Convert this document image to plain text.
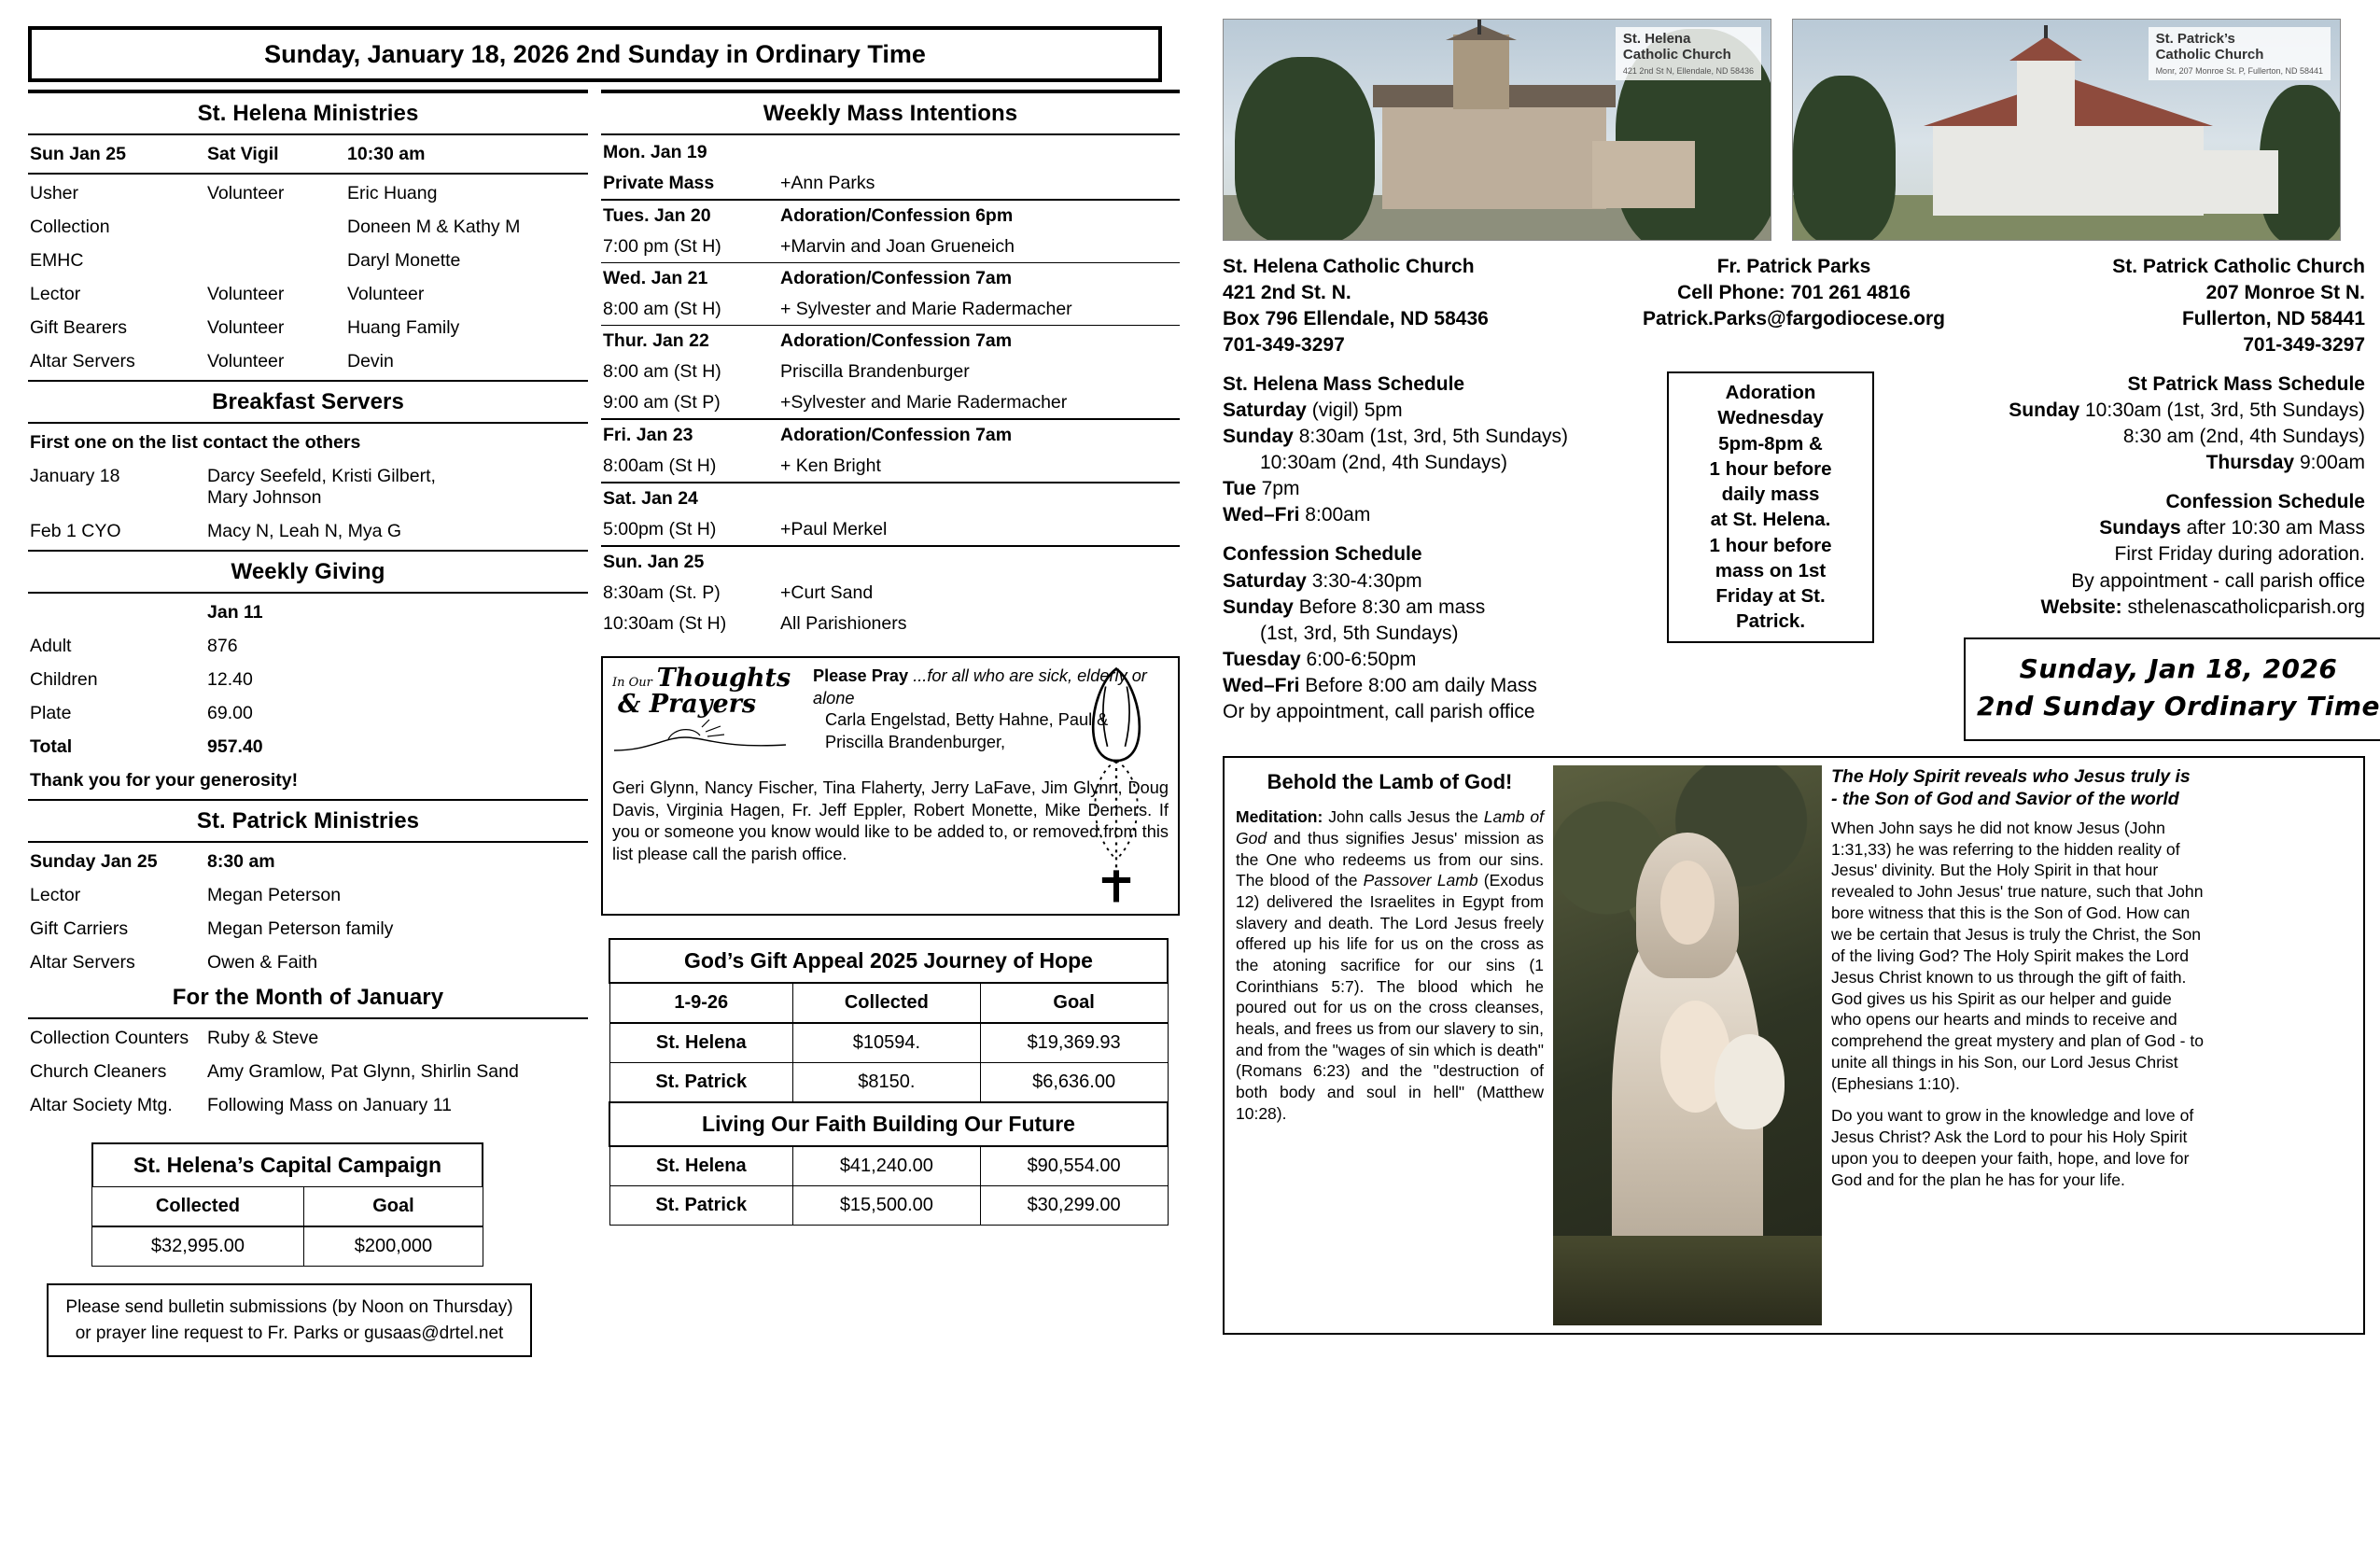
Sunday, January 18, 2026 2nd Sunday in Ordinary Time
St. Helena Ministries
Sun Jan 25	Sat Vigil	10:30 am
Usher	Volunteer	Eric Huang
Collection		Doneen M & Kathy M
EMHC		Daryl Monette
Lector	Volunteer	Volunteer
Gift Bearers	Volunteer	Huang Family
Altar Servers	Volunteer	Devin
Breakfast Servers
First one on the list contact the others	
January 18	Darcy Seefeld, Kristi Gilbert,
Mary Johnson
Feb 1 CYO	Macy N, Leah N, Mya G
Weekly Giving
	Jan 11
Adult	876
Children	12.40
Plate	69.00
Total	957.40
Thank you for your generosity!	
St. Patrick Ministries
Sunday Jan 25	8:30 am
Lector	Megan Peterson
Gift Carriers	Megan Peterson family
Altar Servers	Owen & Faith
For the Month of January
Collection Counters	Ruby & Steve
Church Cleaners	Amy Gramlow, Pat Glynn, Shirlin Sand
Altar Society Mtg.	Following Mass on January 11
St. Helena’s Capital Campaign
Collected	Goal
$32,995.00	$200,000
Please send bulletin submissions (by Noon on Thursday)
or prayer line request to Fr. Parks or gusaas@drtel.net
Weekly Mass Intentions
Mon. Jan 19	
Private Mass	+Ann Parks
Tues. Jan 20	Adoration/Confession 6pm
7:00 pm (St H)	+Marvin and Joan Grueneich
Wed. Jan 21	Adoration/Confession 7am
8:00 am (St H)	+ Sylvester and Marie Radermacher
Thur. Jan 22	Adoration/Confession 7am
8:00 am (St H)	Priscilla Brandenburger
9:00 am (St P)	+Sylvester and Marie Radermacher
Fri. Jan 23	Adoration/Confession 7am
8:00am (St H)	+ Ken Bright
Sat. Jan 24	
5:00pm (St H)	+Paul Merkel
Sun. Jan 25	
8:30am (St. P)	+Curt Sand
10:30am (St H)	All Parishioners
In Our Thoughts
& Prayers
Please Pray ...for all who are sick, elderly or alone
Carla Engelstad, Betty Hahne, Paul & Priscilla Brandenburger,
Geri Glynn, Nancy Fischer, Tina Flaherty, Jerry LaFave, Jim Glynn, Doug Davis, Virginia Hagen, Fr. Jeff Eppler, Robert Monette, Mike Demers. If you or someone you know would like to be added to, or removed from this list please call the parish office.
God’s Gift Appeal 2025 Journey of Hope		
1-9-26	Collected	Goal
St. Helena	$10594.	$19,369.93
St. Patrick	$8150.	$6,636.00
Living Our Faith Building Our Future		
St. Helena	$41,240.00	$90,554.00
St. Patrick	$15,500.00	$30,299.00
St. Helena
Catholic Church
421 2nd St N, Ellendale, ND 58436
St. Patrick’s
Catholic Church
Monr, 207 Monroe St. P, Fullerton, ND 58441
St. Helena Catholic Church
421 2nd St. N.
Box 796 Ellendale, ND 58436
701-349-3297
Fr. Patrick Parks
Cell Phone: 701 261 4816
Patrick.Parks@fargodiocese.org
St. Patrick Catholic Church
207 Monroe St N.
Fullerton, ND 58441
701-349-3297
St. Helena Mass Schedule
Saturday (vigil) 5pm
Sunday 8:30am (1st, 3rd, 5th Sundays)
10:30am (2nd, 4th Sundays)
Tue 7pm
Wed–Fri 8:00am
Confession Schedule
Saturday 3:30-4:30pm
Sunday Before 8:30 am mass
(1st, 3rd, 5th Sundays)
Tuesday 6:00-6:50pm
Wed–Fri Before 8:00 am daily Mass
Or by appointment, call parish office
St Patrick Mass Schedule
Sunday 10:30am (1st, 3rd, 5th Sundays)
8:30 am (2nd, 4th Sundays)
Thursday 9:00am
Confession Schedule
Sundays after 10:30 am Mass
First Friday during adoration.
By appointment - call parish office
Website: sthelenascatholicparish.org
Sunday, Jan 18, 2026
2nd Sunday Ordinary Time
Adoration
Wednesday
5pm-8pm &
1 hour before
daily mass
at St. Helena.
1 hour before
mass on 1st
Friday at St.
Patrick.
Behold the Lamb of God!
Meditation: John calls Jesus the Lamb of God and thus signifies Jesus' mission as the One who redeems us from our sins. The blood of the Passover Lamb (Exodus 12) delivered the Israelites in Egypt from slavery and death. The Lord Jesus freely offered up his life for us on the cross as the atoning sacrifice for our sins (1 Corinthians 5:7). The blood which he poured out for us on the cross cleanses, heals, and frees us from our slavery to sin, and from the "wages of sin which is death" (Romans 6:23) and the "destruction of both body and soul in hell" (Matthew 10:28).
The Holy Spirit reveals who Jesus truly is
- the Son of God and Savior of the world

When John says he did not know Jesus (John 1:31,33) he was referring to the hidden reality of Jesus' divinity. But the Holy Spirit in that hour revealed to John Jesus' true nature, such that John bore witness that this is the Son of God. How can we be certain that Jesus is truly the Christ, the Son of the living God? The Holy Spirit makes the Lord Jesus Christ known to us through the gift of faith. God gives us his Spirit as our helper and guide who opens our hearts and minds to receive and comprehend the great mystery and plan of God - to unite all things in his Son, our Lord Jesus Christ (Ephesians 1:10).

Do you want to grow in the knowledge and love of Jesus Christ? Ask the Lord to pour his Holy Spirit upon you to deepen your faith, hope, and love for God and for the plan he has for your life.
